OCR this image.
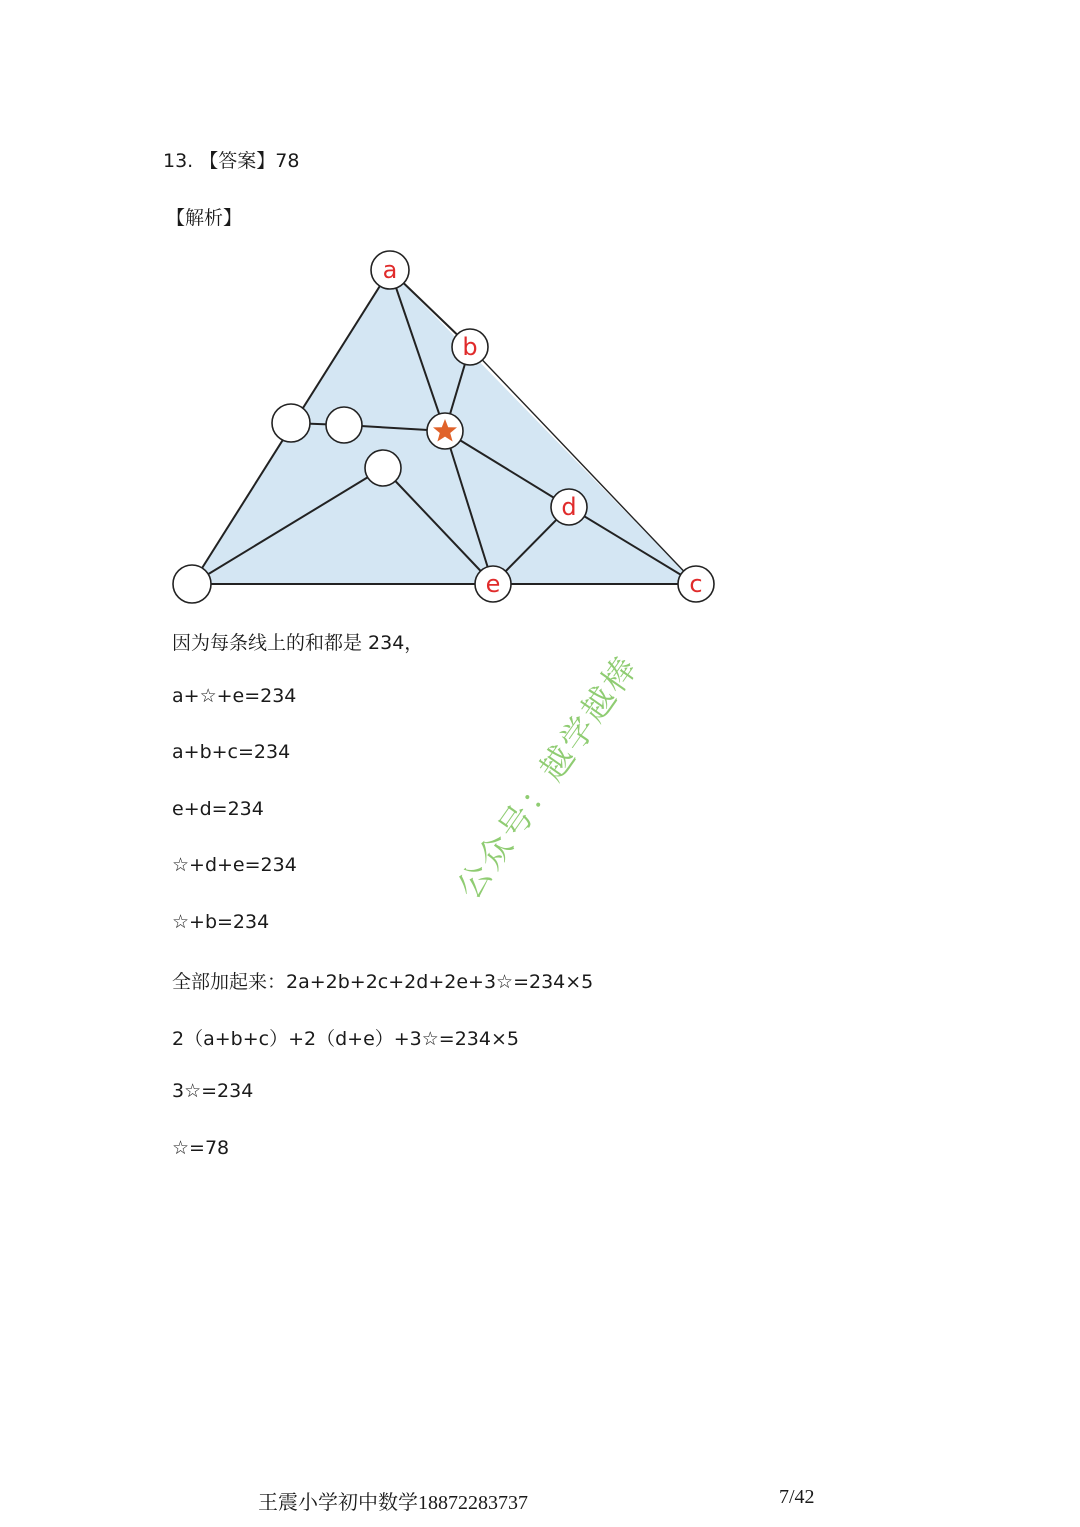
13. 【答案】78
【解析】
a
b
d
e	c
因为每条线上的和都是 234，
a+☆+e=234
a+b+c=234
e+d=234
☆+d+e=234
☆+b=234
全部加起来：2a+2b+2c+2d+2e+3☆=234×5
2（a+b+c）+2（d+e）+3☆=234×5
3☆=234
☆=78
公众号：越学越棒
王震小学初中数学18872283737	7/42
